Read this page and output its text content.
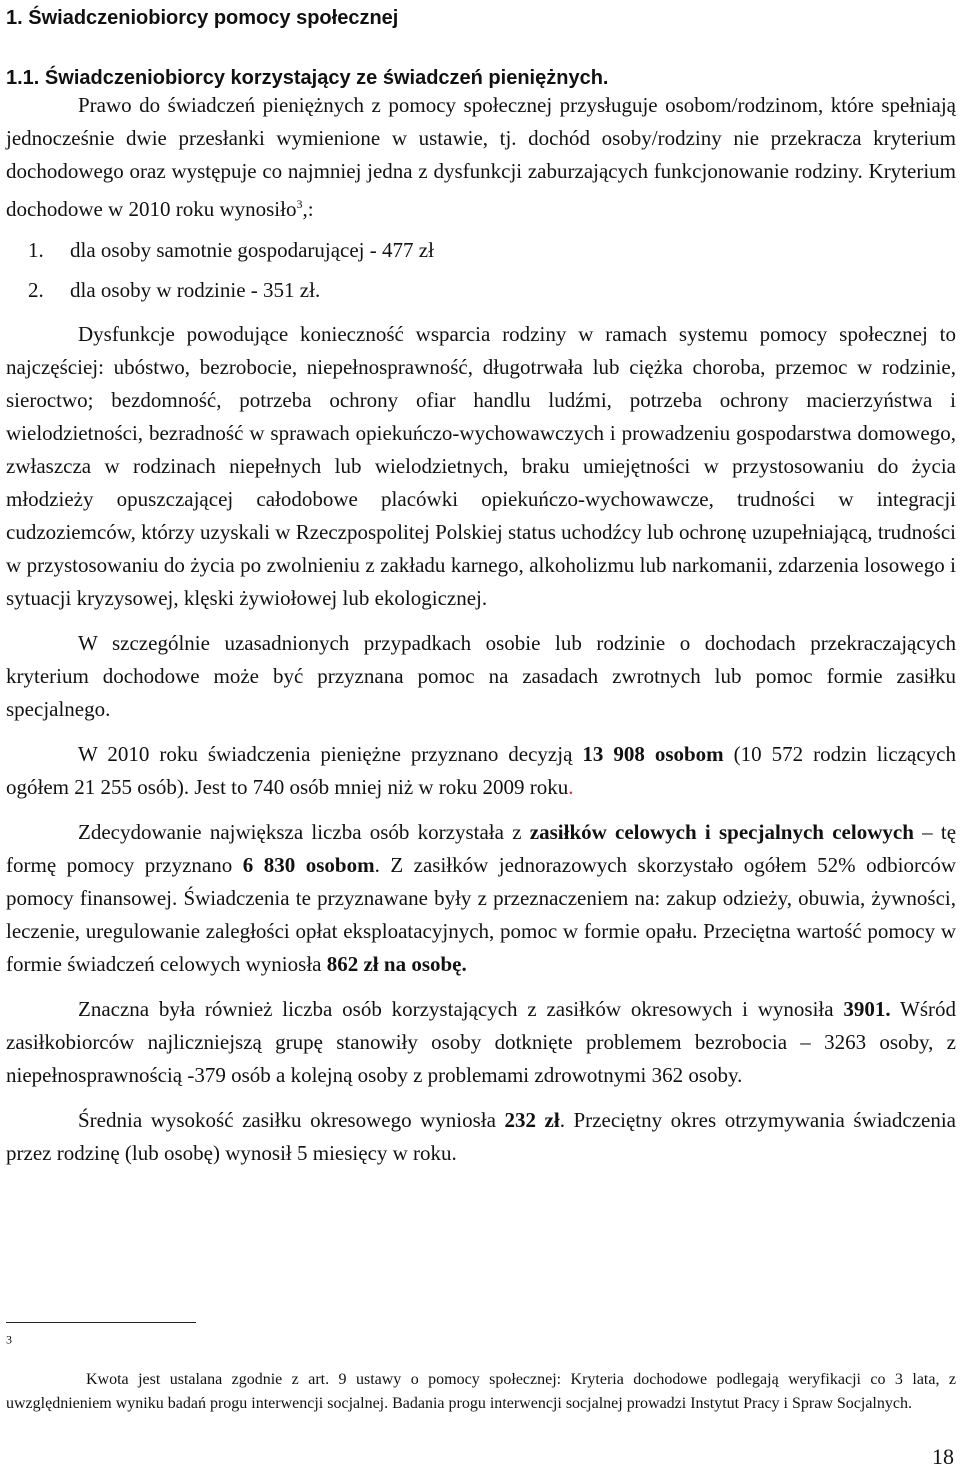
1. Świadczeniobiorcy pomocy społecznej
1.1. Świadczeniobiorcy korzystający ze świadczeń pieniężnych.

Prawo do świadczeń pieniężnych z pomocy społecznej przysługuje osobom/rodzinom, które spełniają jednocześnie dwie przesłanki wymienione w ustawie, tj. dochód osoby/rodziny nie przekracza kryterium dochodowego oraz występuje co najmniej jedna z dysfunkcji zaburzających funkcjonowanie rodziny. Kryterium dochodowe w 2010 roku wynosiło$^3$,:

1. dla osoby samotnie gospodarującej - 477 zł
2. dla osoby w rodzinie - 351 zł.

Dysfunkcje powodujące konieczność wsparcia rodziny w ramach systemu pomocy społecznej to najczęściej: ubóstwo, bezrobocie, niepełnosprawność, długotrwała lub ciężka choroba, przemoc w rodzinie, sieroctwo; bezdomność, potrzeba ochrony ofiar handlu ludźmi, potrzeba ochrony macierzyństwa i wielodzietności, bezradność w sprawach opiekuńczo-wychowawczych i prowadzeniu gospodarstwa domowego, zwłaszcza w rodzinach niepełnych lub wielodzietnych, braku umiejętności w przystosowaniu do życia młodzieży opuszczającej całodobowe placówki opiekuńczo-wychowawcze, trudności w integracji cudzoziemców, którzy uzyskali w Rzeczpospolitej Polskiej status uchodźcy lub ochronę uzupełniającą, trudności w przystosowaniu do życia po zwolnieniu z zakładu karnego, alkoholizmu lub narkomanii, zdarzenia losowego i sytuacji kryzysowej, klęski żywiołowej lub ekologicznej.

W szczególnie uzasadnionych przypadkach osobie lub rodzinie o dochodach przekraczających kryterium dochodowe może być przyznana pomoc na zasadach zwrotnych lub pomoc formie zasiłku specjalnego.

W 2010 roku świadczenia pieniężne przyznano decyzją 13 908 osobom (10 572 rodzin liczących ogółem 21 255 osób). Jest to 740 osób mniej niż w roku 2009 roku.

Zdecydowanie największa liczba osób korzystała z zasiłków celowych i specjalnych celowych – tę formę pomocy przyznano 6 830 osobom. Z zasiłków jednorazowych skorzystało ogółem 52% odbiorców pomocy finansowej. Świadczenia te przyznawane były z przeznaczeniem na: zakup odzieży, obuwia, żywności, leczenie, uregulowanie zaległości opłat eksploatacyjnych, pomoc w formie opału. Przeciętna wartość pomocy w formie świadczeń celowych wyniosła 862 zł na osobę.

Znaczna była również liczba osób korzystających z zasiłków okresowych i wynosiła 3901. Wśród zasiłkobiorców najliczniejszą grupę stanowiły osoby dotknięte problemem bezrobocia – 3263 osoby, z niepełnosprawnością -379 osób a kolejną osoby z problemami zdrowotnymi 362 osoby.

Średnia wysokość zasiłku okresowego wyniosła 232 zł. Przeciętny okres otrzymywania świadczenia przez rodzinę (lub osobę) wynosił 5 miesięcy w roku.

$^3$
Kwota jest ustalana zgodnie z art. 9 ustawy o pomocy społecznej: Kryteria dochodowe podlegają weryfikacji co 3 lata, z uwzględnieniem wyniku badań progu interwencji socjalnej. Badania progu interwencji socjalnej prowadzi Instytut Pracy i Spraw Socjalnych.
18
